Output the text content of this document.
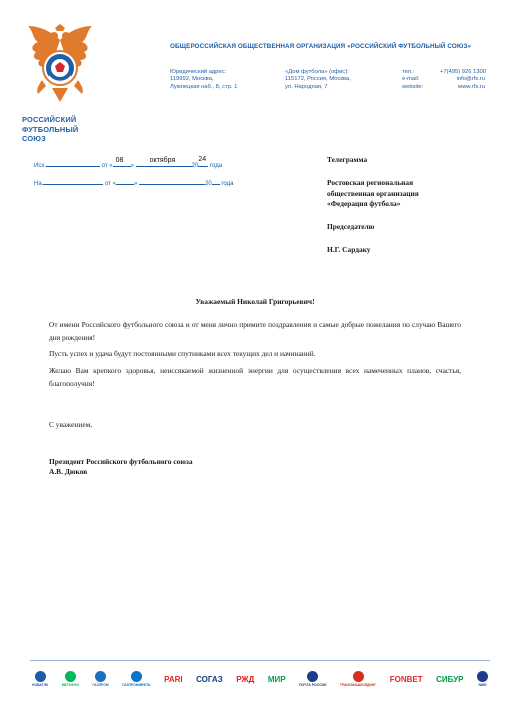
РОССИЙСКИЙ
ФУТБОЛЬНЫЙ
СОЮЗ
ОБЩЕРОССИЙСКАЯ ОБЩЕСТВЕННАЯ ОРГАНИЗАЦИЯ «РОССИЙСКИЙ ФУТБОЛЬНЫЙ СОЮЗ»
Юридический адрес:
119992, Москва,
Лужнецкая наб., 8, стр. 1
«Дом футбола» (офис):
115172, Россия, Москва,
ул. Народная, 7
тел.:	+7(495) 926 1300
e-mail:	info@rfs.ru
website:	www.rfs.ru
Исх.	от «
08
»
октября
20
24
года
На.	от «	»	20 года
Телеграмма
Ростовская региональная
общественная организация
«Федерация футбола»
Председателю
Н.Г. Сардаку
Уважаемый Николай Григорьевич!

От имени Российского футбольного союза и от меня лично примите поздравления и самые добрые пожелания по случаю Вашего дня рождения!

Пусть успех и удача будут постоянными спутниками всех текущих дел и начинаний.

Желаю Вам крепкого здоровья, неиссякаемой жизненной энергии для осуществления всех намеченных планов, счастья, благополучия!

С уважением,
Президент Российского футбольного союза
А.В. Дюков
НОВАТЭК	МЕГАФОН	ГАЗПРОМ	ГАЗПРОМНЕФТЬ
PARI СОГАЗ РЖД МИР
ПОЧТА РОССИИ	ТРАНСМАШХОЛДИНГ
FONBET СИБУР
NIKE
